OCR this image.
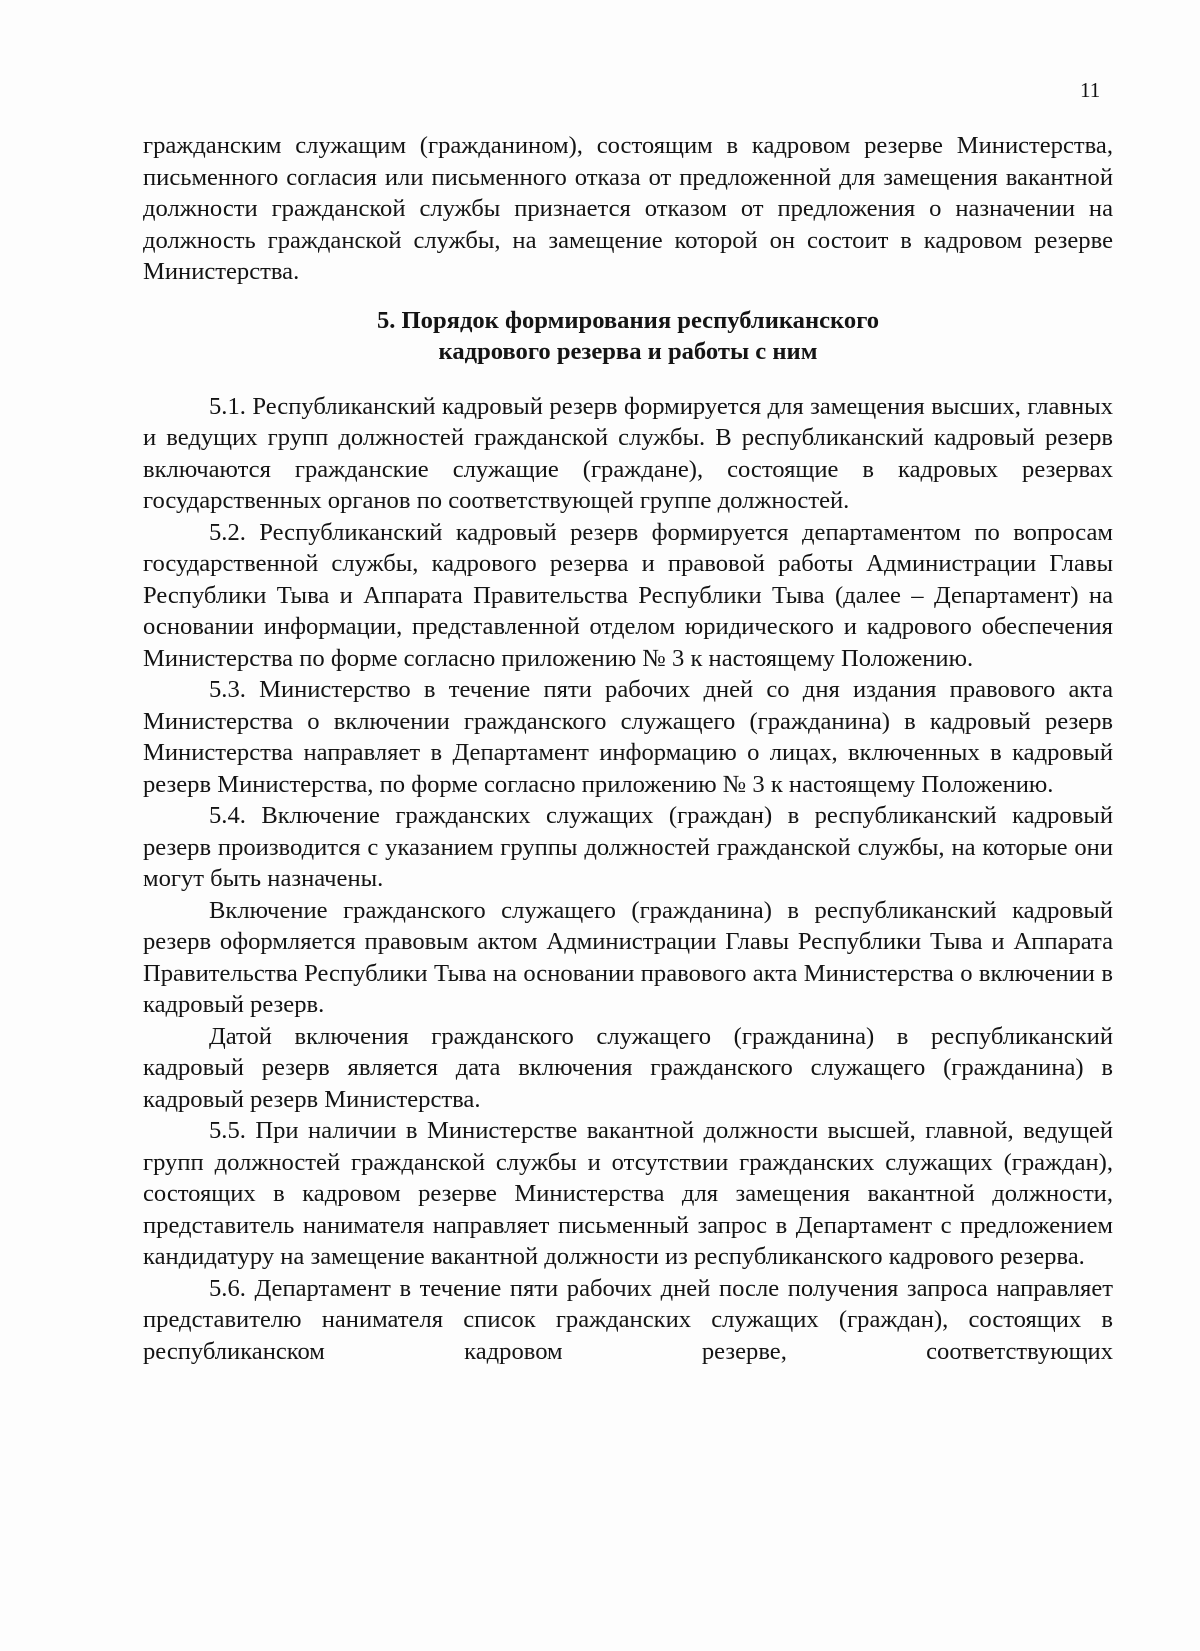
11

гражданским служащим (гражданином), состоящим в кадровом резерве Министерства, письменного согласия или письменного отказа от предложенной для замещения вакантной должности гражданской службы признается отказом от предложения о назначении на должность гражданской службы, на замещение которой он состоит в кадровом резерве Министерства.

5. Порядок формирования республиканского
кадрового резерва и работы с ним

5.1. Республиканский кадровый резерв формируется для замещения высших, главных и ведущих групп должностей гражданской службы. В республиканский кадровый резерв включаются гражданские служащие (граждане), состоящие в кадровых резервах государственных органов по соответствующей группе должностей.

5.2. Республиканский кадровый резерв формируется департаментом по вопросам государственной службы, кадрового резерва и правовой работы Администрации Главы Республики Тыва и Аппарата Правительства Республики Тыва (далее – Департамент) на основании информации, представленной отделом юридического и кадрового обеспечения Министерства по форме согласно приложению № 3 к настоящему Положению.

5.3. Министерство в течение пяти рабочих дней со дня издания правового акта Министерства о включении гражданского служащего (гражданина) в кадровый резерв Министерства направляет в Департамент информацию о лицах, включенных в кадровый резерв Министерства, по форме согласно приложению № 3 к настоящему Положению.

5.4. Включение гражданских служащих (граждан) в республиканский кадровый резерв производится с указанием группы должностей гражданской службы, на которые они могут быть назначены.

Включение гражданского служащего (гражданина) в республиканский кадровый резерв оформляется правовым актом Администрации Главы Республики Тыва и Аппарата Правительства Республики Тыва на основании правового акта Министерства о включении в кадровый резерв.

Датой включения гражданского служащего (гражданина) в республиканский кадровый резерв является дата включения гражданского служащего (гражданина) в кадровый резерв Министерства.

5.5. При наличии в Министерстве вакантной должности высшей, главной, ведущей групп должностей гражданской службы и отсутствии гражданских служащих (граждан), состоящих в кадровом резерве Министерства для замещения вакантной должности, представитель нанимателя направляет письменный запрос в Департамент с предложением кандидатуру на замещение вакантной должности из республиканского кадрового резерва.

5.6. Департамент в течение пяти рабочих дней после получения запроса направляет представителю нанимателя список гражданских служащих (граждан), состоящих в республиканском кадровом резерве, соответствующих
